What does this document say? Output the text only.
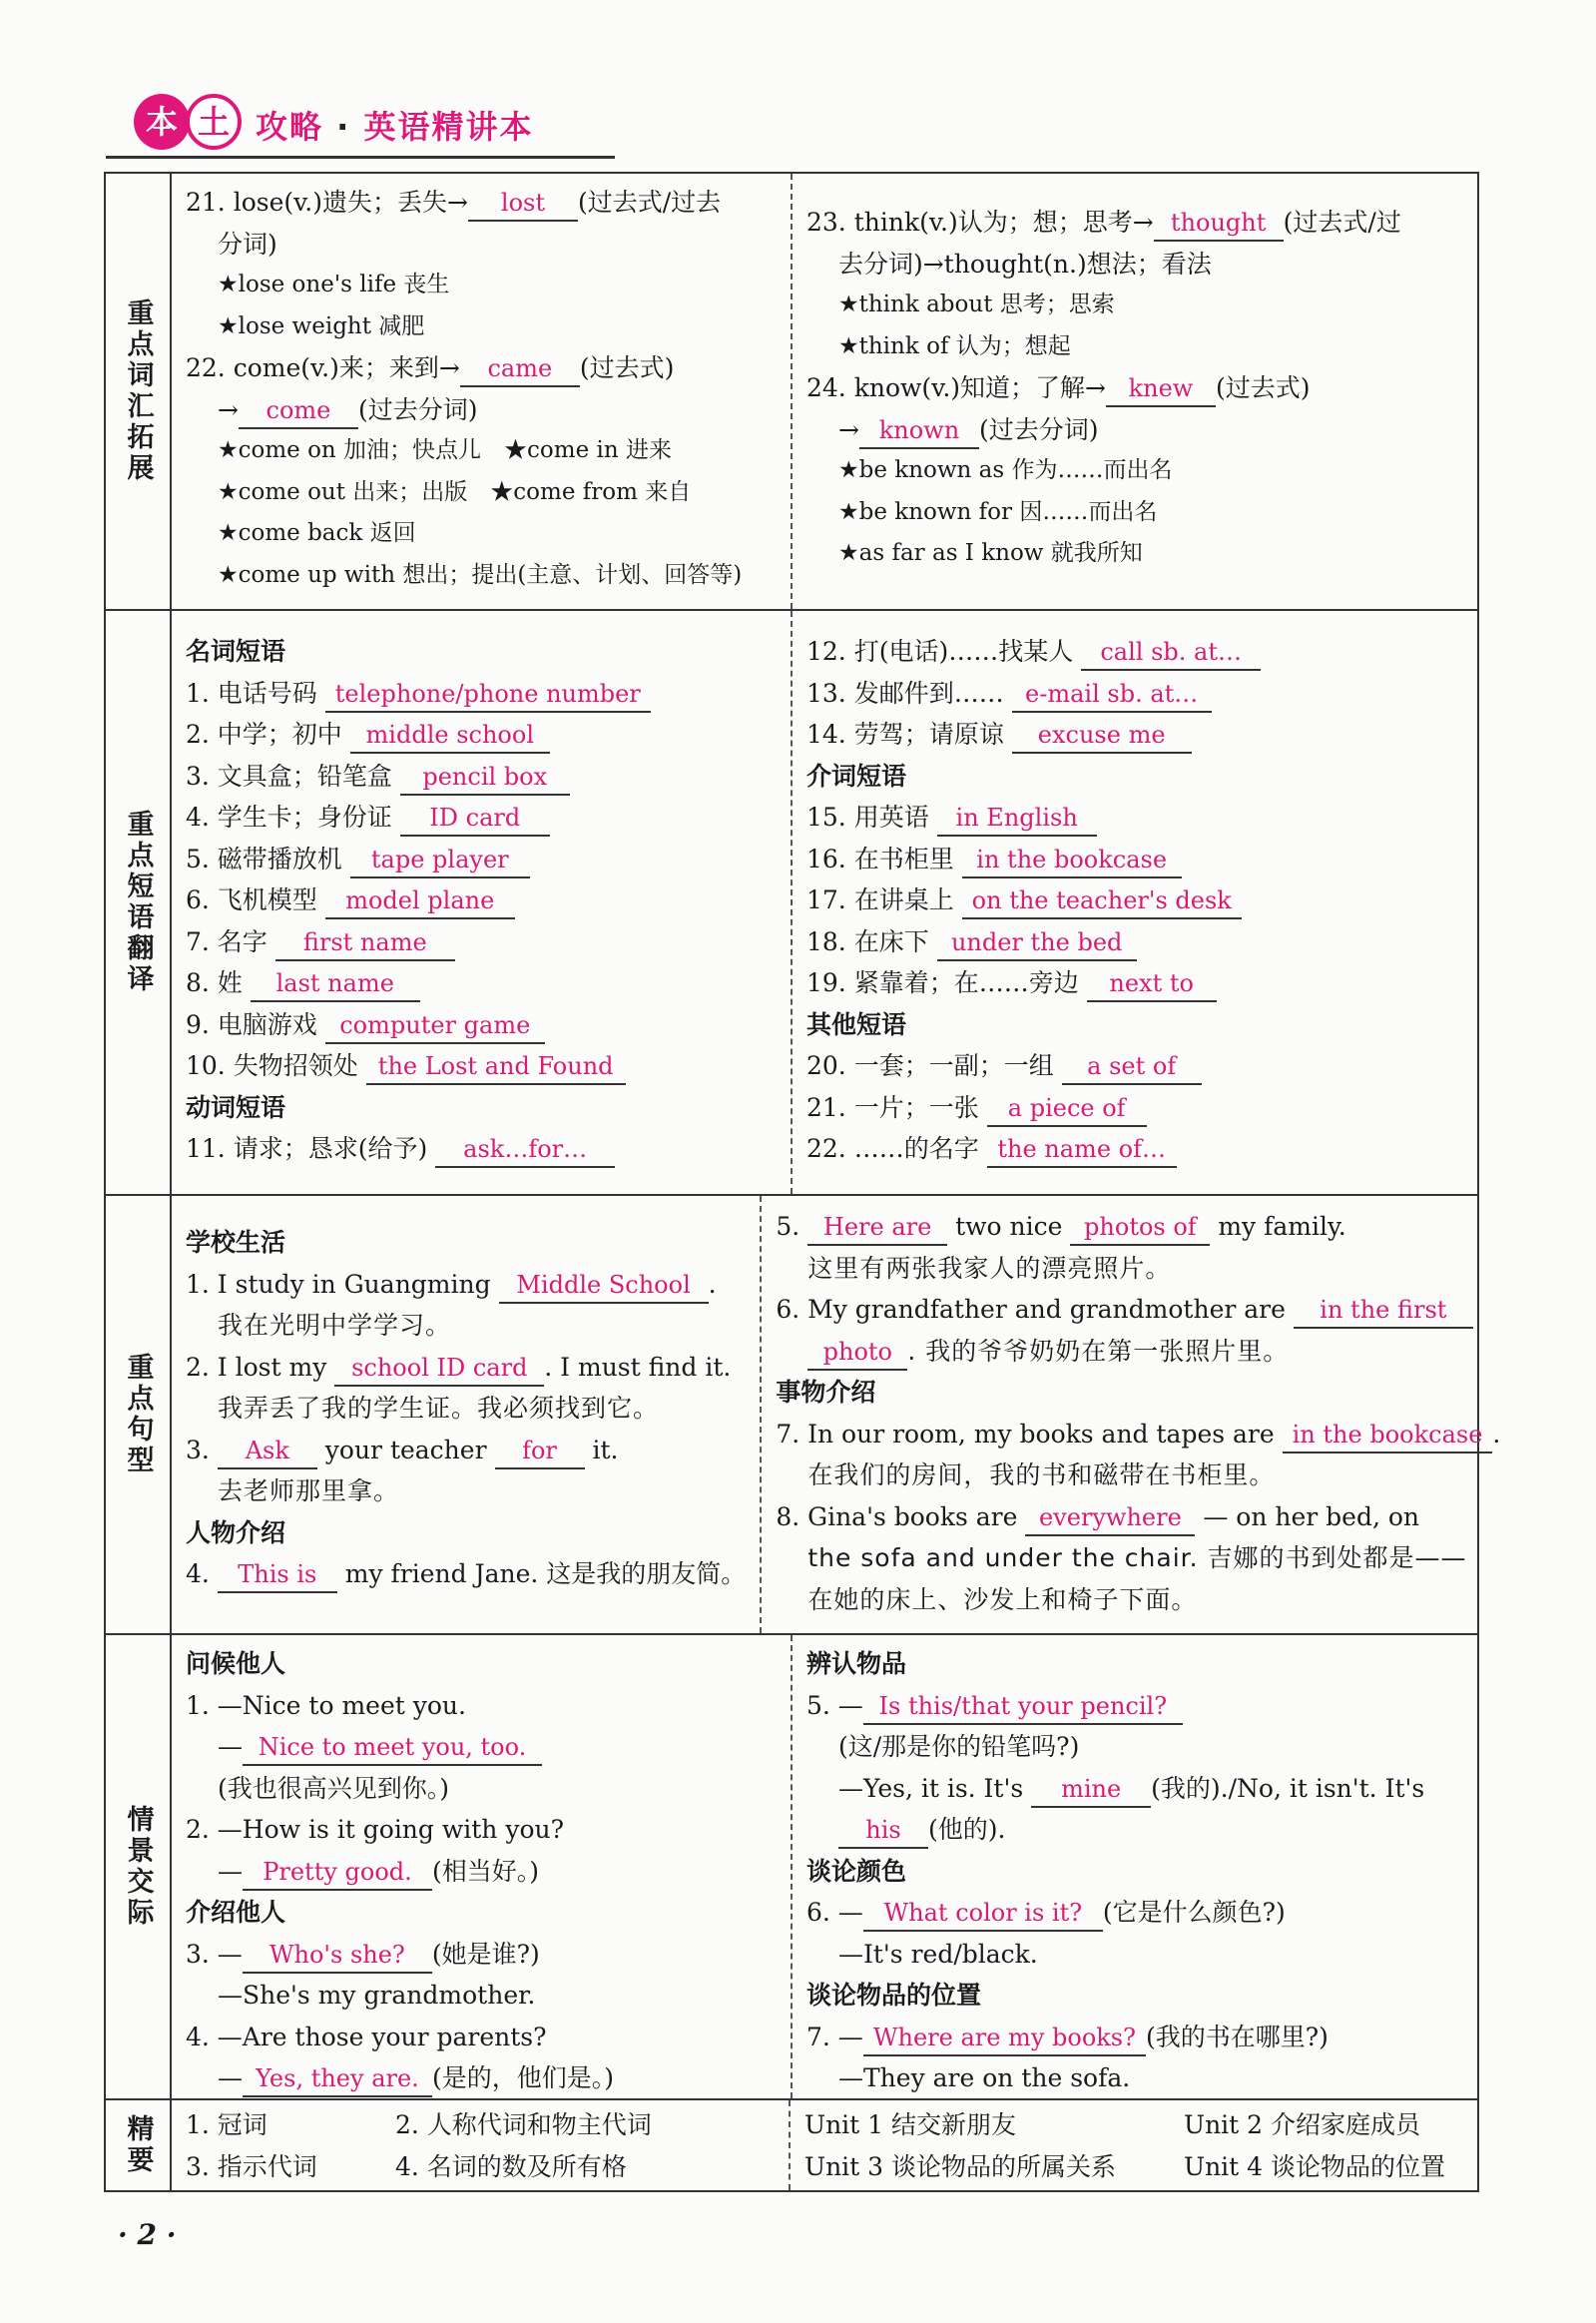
本 土 攻略 · 英语精讲本
重点词汇拓展
21. lose(v.)遗失；丢失→ lost (过去式/过去
分词)
★lose one's life 丧生
★lose weight 减肥
22. come(v.)来；来到→ came (过去式)
→ come (过去分词)
★come on 加油；快点儿　★come in 进来
★come out 出来；出版　★come from 来自
★come back 返回
★come up with 想出；提出(主意、计划、回答等)
23. think(v.)认为；想；思考→ thought (过去式/过
去分词)→thought(n.)想法；看法
★think about 思考；思索
★think of 认为；想起
24. know(v.)知道；了解→ knew (过去式)
→ known (过去分词)
★be known as 作为……而出名
★be known for 因……而出名
★as far as I know 就我所知
重点短语翻译
名词短语
1. 电话号码 telephone/phone number
2. 中学；初中 middle school
3. 文具盒；铅笔盒 pencil box
4. 学生卡；身份证 ID card
5. 磁带播放机 tape player
6. 飞机模型 model plane
7. 名字 first name
8. 姓 last name
9. 电脑游戏 computer game
10. 失物招领处 the Lost and Found
动词短语
11. 请求；恳求(给予) ask…for…
12. 打(电话)……找某人 call sb. at…
13. 发邮件到…… e-mail sb. at…
14. 劳驾；请原谅 excuse me
介词短语
15. 用英语 in English
16. 在书柜里 in the bookcase
17. 在讲桌上 on the teacher's desk
18. 在床下 under the bed
19. 紧靠着；在……旁边 next to
其他短语
20. 一套；一副；一组 a set of
21. 一片；一张 a piece of
22. ……的名字 the name of…
重点句型
学校生活
1. I study in Guangming Middle School .
我在光明中学学习。
2. I lost my school ID card . I must find it.
我弄丢了我的学生证。我必须找到它。
3. Ask your teacher for it.
去老师那里拿。
人物介绍
4. This is my friend Jane. 这是我的朋友简。
5. Here are two nice photos of my family.
这里有两张我家人的漂亮照片。
6. My grandfather and grandmother are in the first
photo . 我的爷爷奶奶在第一张照片里。
事物介绍
7. In our room, my books and tapes are in the bookcase .
在我们的房间，我的书和磁带在书柜里。
8. Gina's books are everywhere — on her bed, on
the sofa and under the chair. 吉娜的书到处都是——
在她的床上、沙发上和椅子下面。
情景交际
问候他人
1. —Nice to meet you.
— Nice to meet you, too.
(我也很高兴见到你。)
2. —How is it going with you?
— Pretty good. (相当好。)
介绍他人
3. — Who's she? (她是谁?)
—She's my grandmother.
4. —Are those your parents?
— Yes, they are. (是的，他们是。)
辨认物品
5. — Is this/that your pencil?
(这/那是你的铅笔吗?)
—Yes, it is. It's mine (我的)./No, it isn't. It's
his (他的).
谈论颜色
6. — What color is it? (它是什么颜色?)
—It's red/black.
谈论物品的位置
7. — Where are my books? (我的书在哪里?)
—They are on the sofa.
精要 1. 冠词	2. 人称代词和物主代词
3. 指示代词	4. 名词的数及所有格
Unit 1 结交新朋友	Unit 2 介绍家庭成员
Unit 3 谈论物品的所属关系	Unit 4 谈论物品的位置
· 2 ·
